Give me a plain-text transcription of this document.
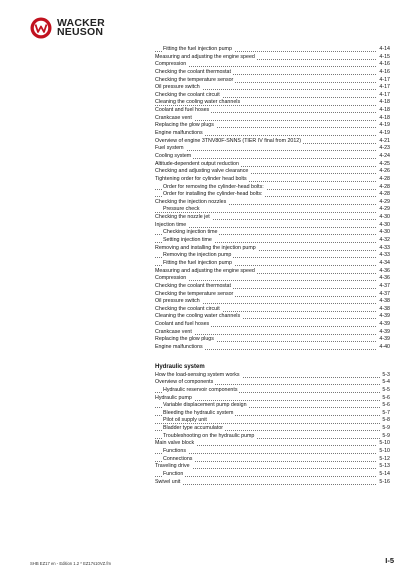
WACKER
NEUSON
Fitting the fuel injection pump	4-14
Measuring and adjusting the engine speed	4-15
Compression	4-16
Checking the coolant thermostat	4-16
Checking the temperature sensor	4-17
Oil pressure switch	4-17
Checking the coolant circuit	4-17
Cleaning the cooling water channels	4-18
Coolant and fuel hoses	4-18
Crankcase vent	4-18
Replacing the glow plugs	4-19
Engine malfunctions	4-19
Overview of engine 3TNV80F-SNNS (TIER IV final from 2012)	4-21
Fuel system	4-23
Cooling system	4-24
Altitude-dependent output reduction	4-25
Checking and adjusting valve clearance	4-26
Tightening order for cylinder head bolts	4-28
Order for removing the cylinder-head bolts:	4-28
Order for installing the cylinder-head bolts:	4-28
Checking the injection nozzles	4-29
Pressure check	4-29
Checking the nozzle jet	4-30
Injection time	4-30
Checking injection time	4-30
Setting injection time	4-32
Removing and installing the injection pump	4-33
Removing the injection pump	4-33
Fitting the fuel injection pump	4-34
Measuring and adjusting the engine speed	4-36
Compression	4-36
Checking the coolant thermostat	4-37
Checking the temperature sensor	4-37
Oil pressure switch	4-38
Checking the coolant circuit	4-38
Cleaning the cooling water channels	4-39
Coolant and fuel hoses	4-39
Crankcase vent	4-39
Replacing the glow plugs	4-39
Engine malfunctions	4-40
Hydraulic system
How the load-sensing system works	5-3
Overview of components	5-4
Hydraulic reservoir components	5-5
Hydraulic pump	5-6
Variable displacement pump design	5-6
Bleeding the hydraulic system	5-7
Pilot oil supply unit	5-8
Bladder type accumulator	5-9
Troubleshooting on the hydraulic pump	5-9
Main valve block	5-10
Functions	5-10
Connections	5-12
Traveling drive	5-13
Function	5-14
Swivel unit	5-16
SHB EZ17 en - Edition 1.2 * EZ17s10VZ.fm	I-5
